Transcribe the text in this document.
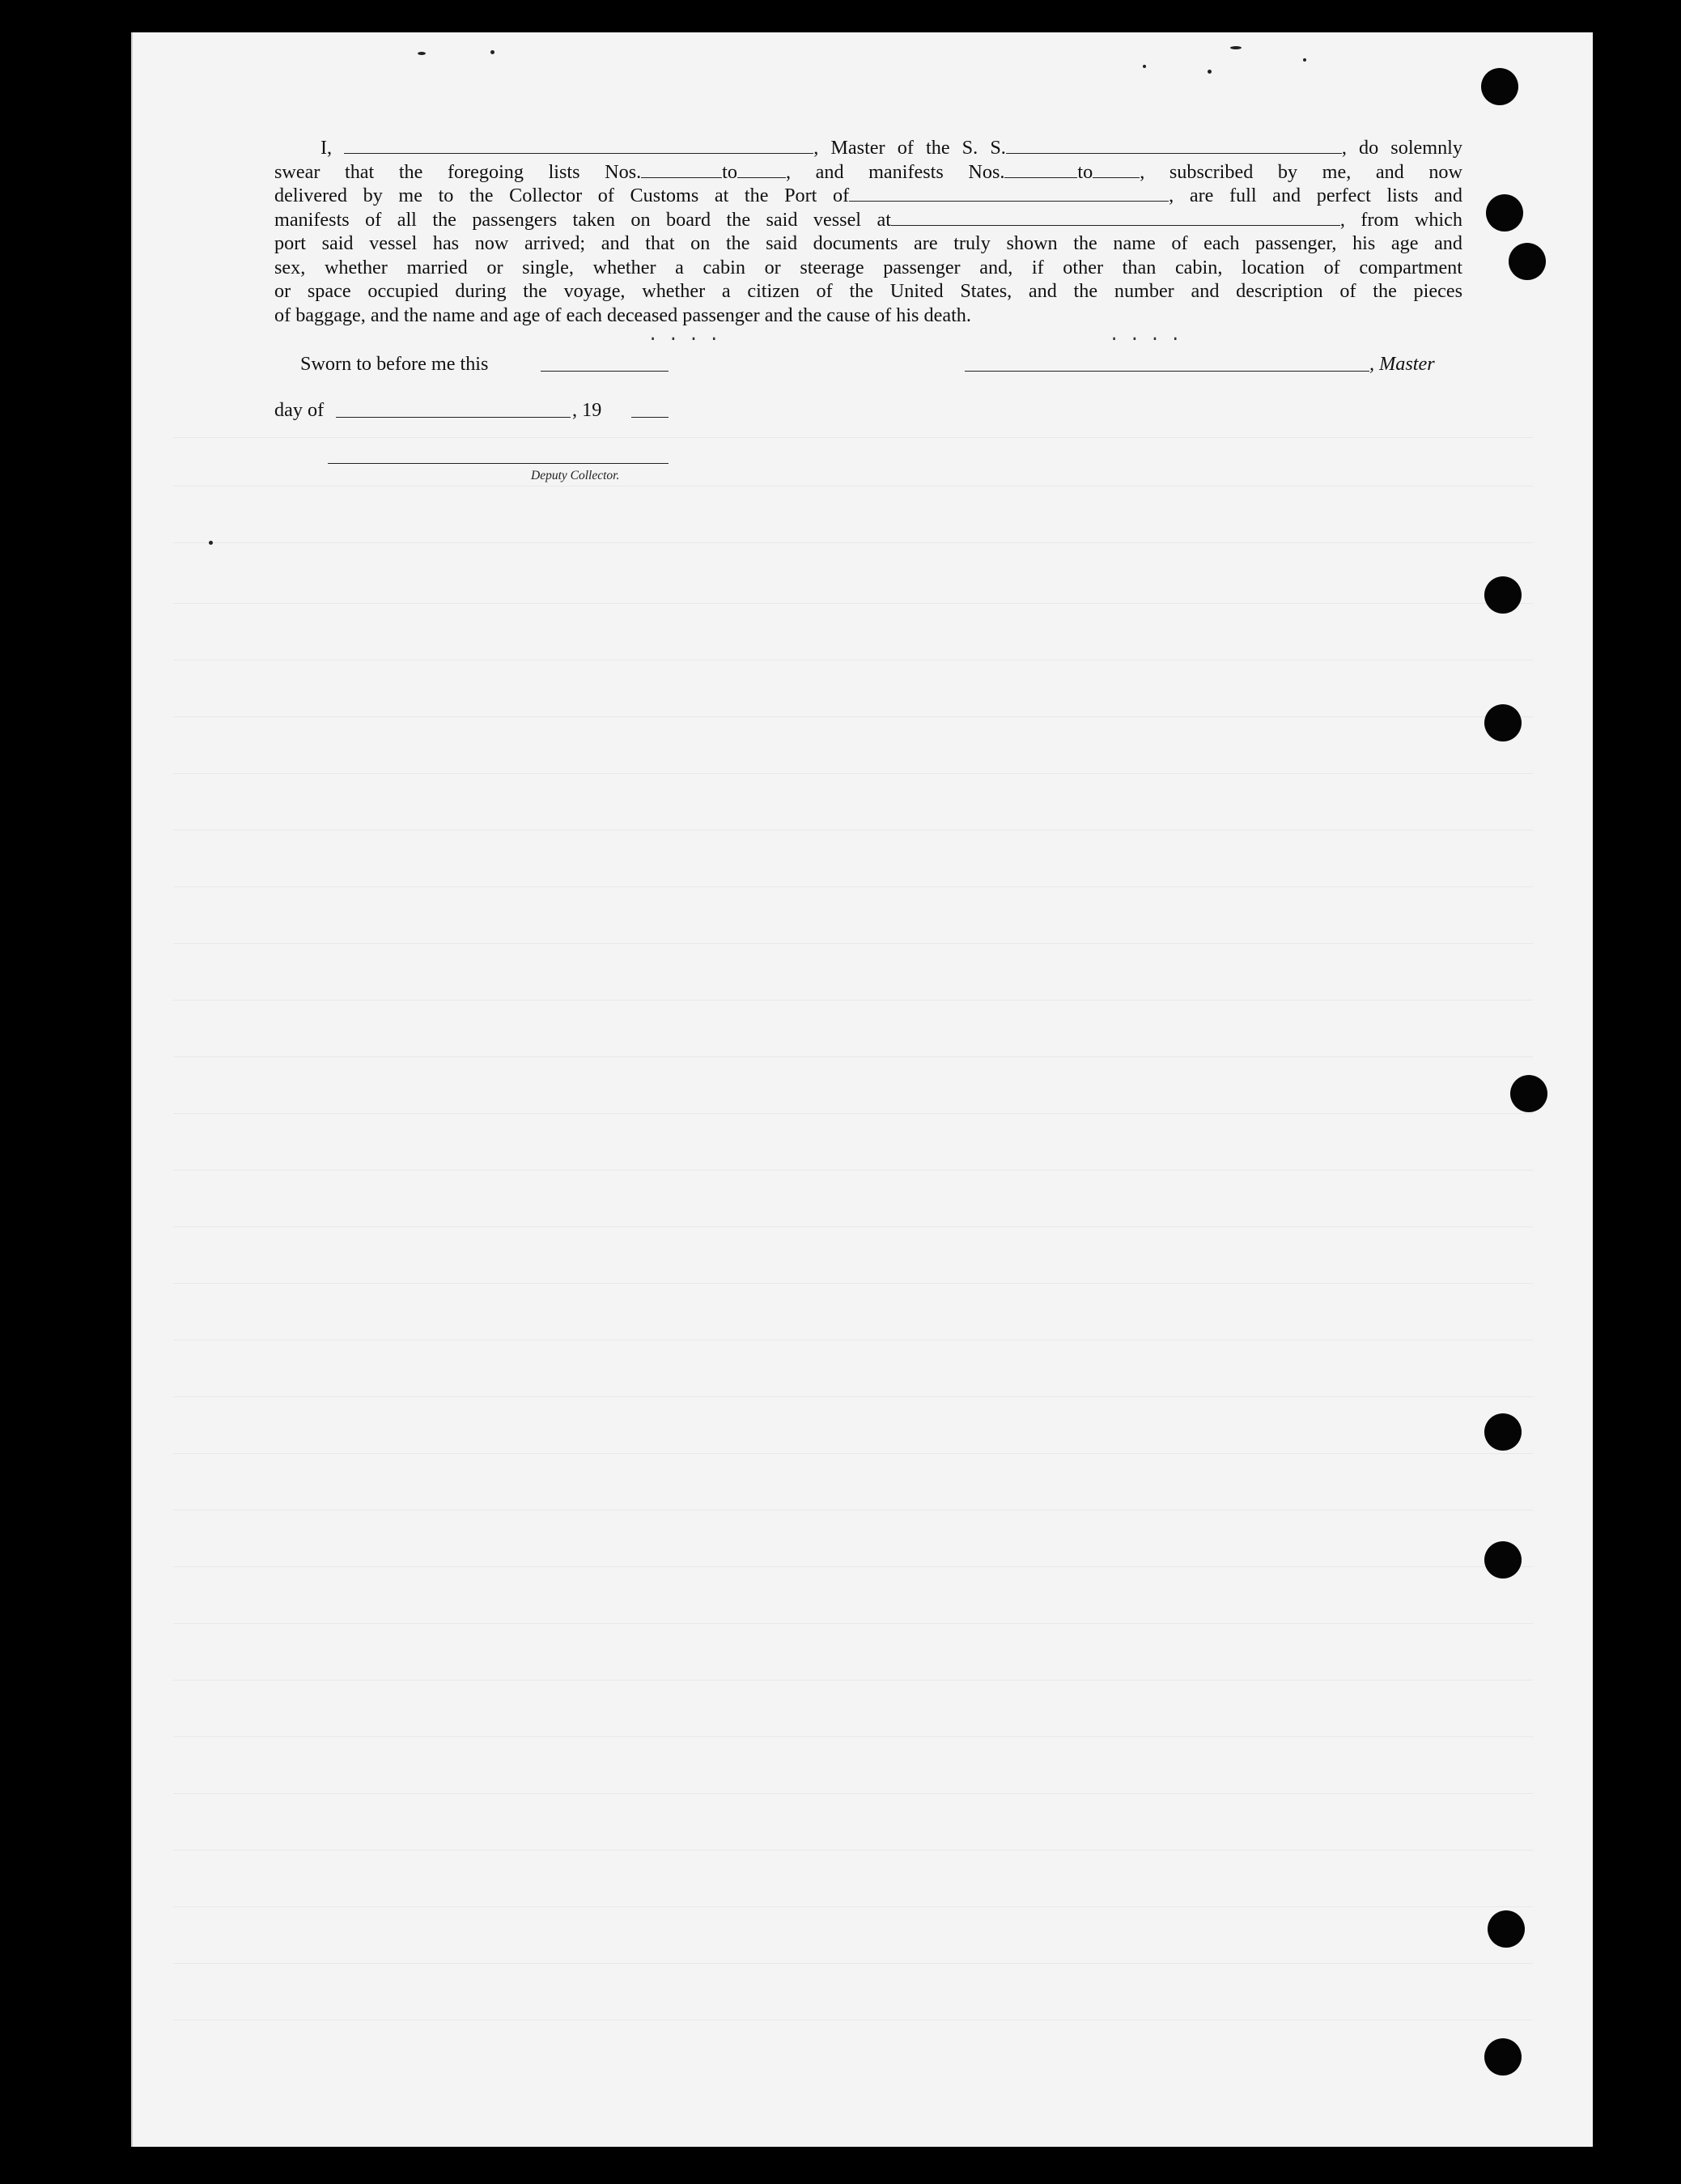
I,	, Master of the S. S.	, do solemnly
swear that the foregoing lists Nos.	to , and manifests Nos.	to , subscribed by me, and now
delivered by me to the Collector of Customs at the Port of	, are full and perfect lists and
manifests of all the passengers taken on board the said vessel at	, from which
port said vessel has now arrived; and that on the said documents are truly shown the name of each passenger, his age and
sex, whether married or single, whether a cabin or steerage passenger and, if other than cabin, location of compartment
or space occupied during the voyage, whether a citizen of the United States, and the number and description of the pieces
of baggage, and the name and age of each deceased passenger and the cause of his death.
....	....
Sworn to before me this	, Master
day of	, 19
Deputy Collector.
